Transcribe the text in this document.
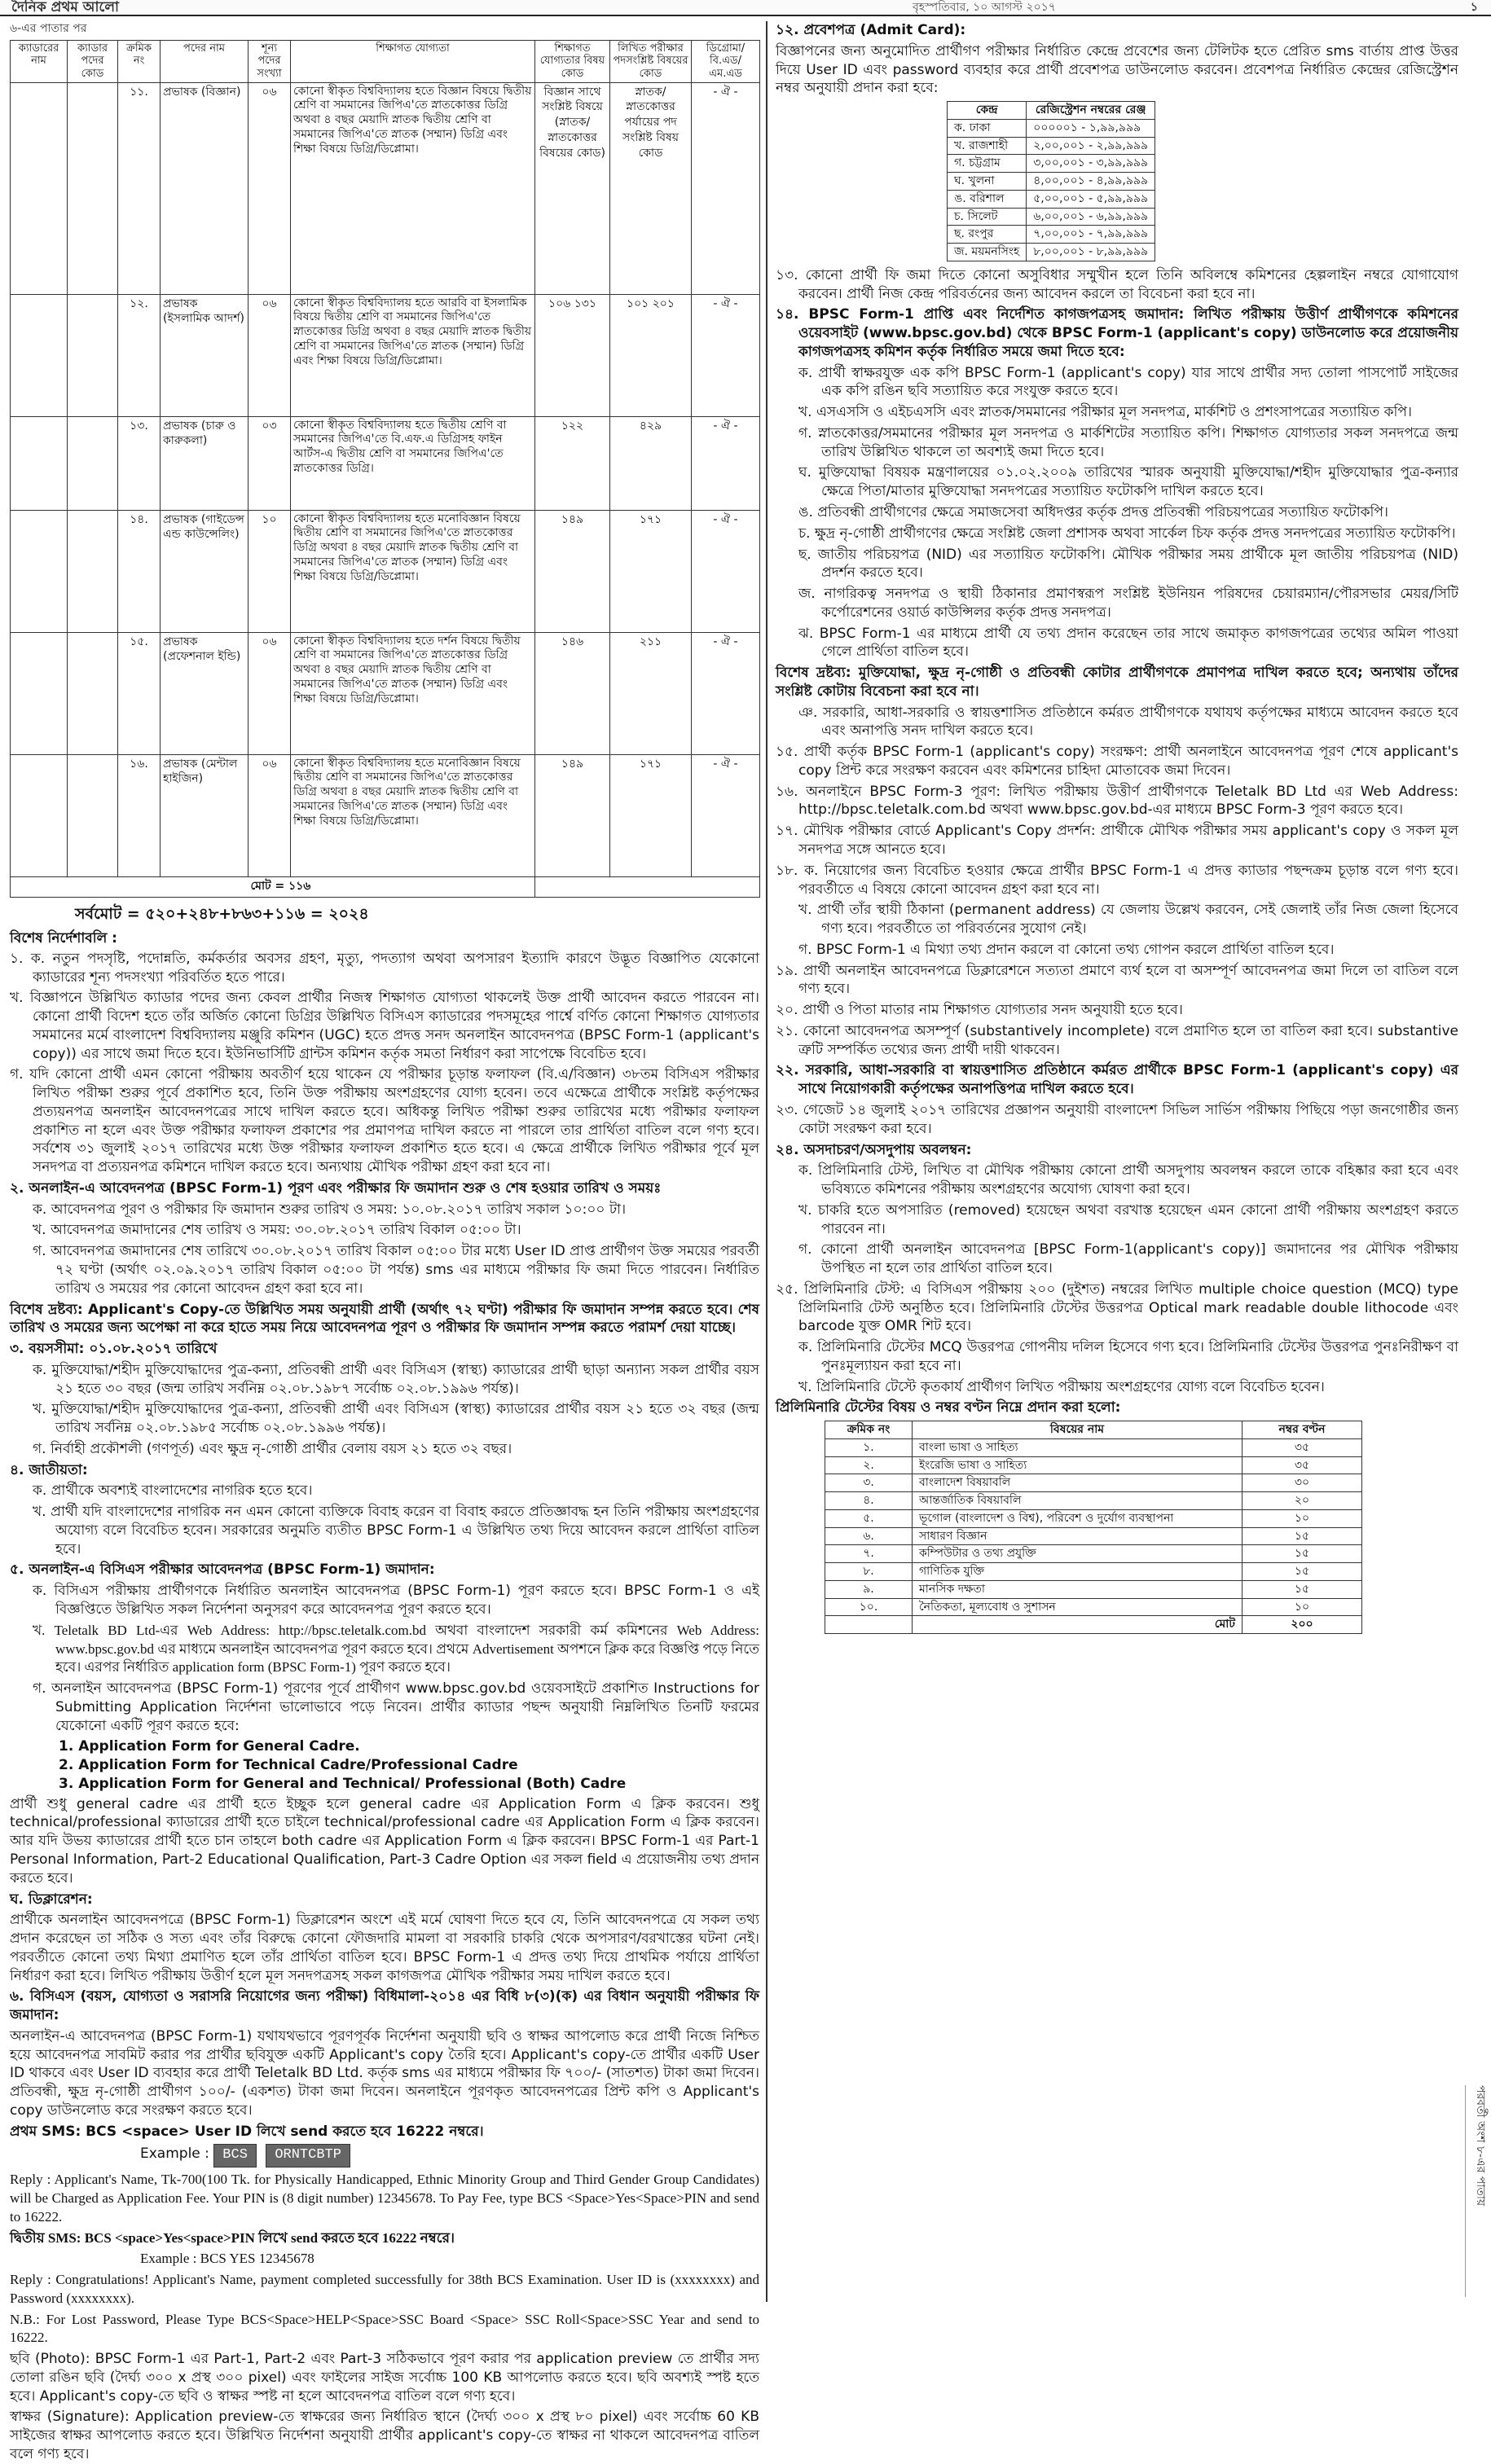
দৈনিক প্রথম আলো	বৃহস্পতিবার, ১০ আগস্ট ২০১৭	১
৬-এর পাতার পর
ক্যাডারের নাম	ক্যাডার পদের কোড	ক্রমিক নং	পদের নাম	শূন্য পদের সংখ্যা	শিক্ষাগত যোগ্যতা	শিক্ষাগত যোগ্যতার বিষয় কোড	লিখিত পরীক্ষার পদসংশ্লিষ্ট বিষয়ের কোড	ডিগ্রোমা/ বি.এড/ এম.এড
		১১.	প্রভাষক (বিজ্ঞান)	০৬	কোনো স্বীকৃত বিশ্ববিদ্যালয় হতে বিজ্ঞান বিষয়ে দ্বিতীয় শ্রেণি বা সমমানের জিপিএ'তে স্নাতকোত্তর ডিগ্রি অথবা ৪ বছর মেয়াদি স্নাতক দ্বিতীয় শ্রেণি বা সমমানের জিপিএ'তে স্নাতক (সম্মান) ডিগ্রি এবং শিক্ষা বিষয়ে ডিগ্রি/ডিপ্লোমা।	বিজ্ঞান সাথে সংশ্লিষ্ট বিষয়ে (স্নাতক/ স্নাতকোত্তর বিষয়ের কোড)	স্নাতক/ স্নাতকোত্তর পর্যায়ের পদ সংশ্লিষ্ট বিষয় কোড	- ঐ -
		১২.	প্রভাষক (ইসলামিক আদর্শ)	০৬	কোনো স্বীকৃত বিশ্ববিদ্যালয় হতে আরবি বা ইসলামিক বিষয়ে দ্বিতীয় শ্রেণি বা সমমানের জিপিএ'তে স্নাতকোত্তর ডিগ্রি অথবা ৪ বছর মেয়াদি স্নাতক দ্বিতীয় শ্রেণি বা সমমানের জিপিএ'তে স্নাতক (সম্মান) ডিগ্রি এবং শিক্ষা বিষয়ে ডিগ্রি/ডিপ্লোমা।	১০৬ ১৩১	১০১ ২০১	- ঐ -
		১৩.	প্রভাষক (চারু ও কারুকলা)	০৩	কোনো স্বীকৃত বিশ্ববিদ্যালয় হতে দ্বিতীয় শ্রেণি বা সমমানের জিপিএ'তে বি.এফ.এ ডিগ্রিসহ ফাইন আর্টস-এ দ্বিতীয় শ্রেণি বা সমমানের জিপিএ'তে স্নাতকোত্তর ডিগ্রি।	১২২	৪২৯	- ঐ -
		১৪.	প্রভাষক (গাইডেন্স এন্ড কাউন্সেলিং)	১০	কোনো স্বীকৃত বিশ্ববিদ্যালয় হতে মনোবিজ্ঞান বিষয়ে দ্বিতীয় শ্রেণি বা সমমানের জিপিএ'তে স্নাতকোত্তর ডিগ্রি অথবা ৪ বছর মেয়াদি স্নাতক দ্বিতীয় শ্রেণি বা সমমানের জিপিএ'তে স্নাতক (সম্মান) ডিগ্রি এবং শিক্ষা বিষয়ে ডিগ্রি/ডিপ্লোমা।	১৪৯	১৭১	- ঐ -
		১৫.	প্রভাষক (প্রফেশনাল ইন্ডি)	০৬	কোনো স্বীকৃত বিশ্ববিদ্যালয় হতে দর্শন বিষয়ে দ্বিতীয় শ্রেণি বা সমমানের জিপিএ'তে স্নাতকোত্তর ডিগ্রি অথবা ৪ বছর মেয়াদি স্নাতক দ্বিতীয় শ্রেণি বা সমমানের জিপিএ'তে স্নাতক (সম্মান) ডিগ্রি এবং শিক্ষা বিষয়ে ডিগ্রি/ডিপ্লোমা।	১৪৬	২১১	- ঐ -
		১৬.	প্রভাষক (মেন্টাল হাইজিন)	০৬	কোনো স্বীকৃত বিশ্ববিদ্যালয় হতে মনোবিজ্ঞান বিষয়ে দ্বিতীয় শ্রেণি বা সমমানের জিপিএ'তে স্নাতকোত্তর ডিগ্রি অথবা ৪ বছর মেয়াদি স্নাতক দ্বিতীয় শ্রেণি বা সমমানের জিপিএ'তে স্নাতক (সম্মান) ডিগ্রি এবং শিক্ষা বিষয়ে ডিগ্রি/ডিপ্লোমা।	১৪৯	১৭১	- ঐ -
				মোট = ১১৬				
সর্বমোট = ৫২০+২৪৮+৮৬৩+১১৬ = ২০২৪
বিশেষ নির্দেশাবলি :

১. ক. নতুন পদসৃষ্টি, পদোন্নতি, কর্মকর্তার অবসর গ্রহণ, মৃত্যু, পদত্যাগ অথবা অপসারণ ইত্যাদি কারণে উদ্ভূত বিজ্ঞাপিত যেকোনো ক্যাডারের শূন্য পদসংখ্যা পরিবর্তিত হতে পারে।

খ. বিজ্ঞাপনে উল্লিখিত ক্যাডার পদের জন্য কেবল প্রার্থীর নিজস্ব শিক্ষাগত যোগ্যতা থাকলেই উক্ত প্রার্থী আবেদন করতে পারবেন না। কোনো প্রার্থী বিদেশ হতে তাঁর অর্জিত কোনো ডিগ্রির উল্লিখিত বিসিএস ক্যাডারের পদসমূহের পার্শ্বে বর্ণিত কোনো শিক্ষাগত যোগ্যতার সমমানের মর্মে বাংলাদেশ বিশ্ববিদ্যালয় মঞ্জুরি কমিশন (UGC) হতে প্রদত্ত সনদ অনলাইন আবেদনপত্র (BPSC Form-1 (applicant's copy)) এর সাথে জমা দিতে হবে। ইউনিভার্সিটি গ্রান্টস কমিশন কর্তৃক সমতা নির্ধারণ করা সাপেক্ষে বিবেচিত হবে।

গ. যদি কোনো প্রার্থী এমন কোনো পরীক্ষায় অবতীর্ণ হয়ে থাকেন যে পরীক্ষার চূড়ান্ত ফলাফল (বি.এ/বিজ্ঞান) ৩৮তম বিসিএস পরীক্ষার লিখিত পরীক্ষা শুরুর পূর্বে প্রকাশিত হবে, তিনি উক্ত পরীক্ষায় অংশগ্রহণের যোগ্য হবেন। তবে এক্ষেত্রে প্রার্থীকে সংশ্লিষ্ট কর্তৃপক্ষের প্রত্যয়নপত্র অনলাইন আবেদনপত্রের সাথে দাখিল করতে হবে। অধিকন্তু লিখিত পরীক্ষা শুরুর তারিখের মধ্যে পরীক্ষার ফলাফল প্রকাশিত না হলে এবং উক্ত পরীক্ষার ফলাফল প্রকাশের পর প্রমাণপত্র দাখিল করতে না পারলে তার প্রার্থিতা বাতিল বলে গণ্য হবে। সর্বশেষ ৩১ জুলাই ২০১৭ তারিখের মধ্যে উক্ত পরীক্ষার ফলাফল প্রকাশিত হতে হবে। এ ক্ষেত্রে প্রার্থীকে লিখিত পরীক্ষার পূর্বে মূল সনদপত্র বা প্রত্যয়নপত্র কমিশনে দাখিল করতে হবে। অন্যথায় মৌখিক পরীক্ষা গ্রহণ করা হবে না।

২. অনলাইন-এ আবেদনপত্র (BPSC Form-1) পূরণ এবং পরীক্ষার ফি জমাদান শুরু ও শেষ হওয়ার তারিখ ও সময়ঃ

ক. আবেদনপত্র পূরণ ও পরীক্ষার ফি জমাদান শুরুর তারিখ ও সময়: ১০.০৮.২০১৭ তারিখ সকাল ১০:০০ টা।

খ. আবেদনপত্র জমাদানের শেষ তারিখ ও সময়: ৩০.০৮.২০১৭ তারিখ বিকাল ০৫:০০ টা।

গ. আবেদনপত্র জমাদানের শেষ তারিখে ৩০.০৮.২০১৭ তারিখ বিকাল ০৫:০০ টার মধ্যে User ID প্রাপ্ত প্রার্থীগণ উক্ত সময়ের পরবর্তী ৭২ ঘণ্টা (অর্থাৎ ০২.০৯.২০১৭ তারিখ বিকাল ০৫:০০ টা পর্যন্ত) sms এর মাধ্যমে পরীক্ষার ফি জমা দিতে পারবেন। নির্ধারিত তারিখ ও সময়ের পর কোনো আবেদন গ্রহণ করা হবে না।

বিশেষ দ্রষ্টব্য: Applicant's Copy-তে উল্লিখিত সময় অনুযায়ী প্রার্থী (অর্থাৎ ৭২ ঘণ্টা) পরীক্ষার ফি জমাদান সম্পন্ন করতে হবে। শেষ তারিখ ও সময়ের জন্য অপেক্ষা না করে হাতে সময় নিয়ে আবেদনপত্র পূরণ ও পরীক্ষার ফি জমাদান সম্পন্ন করতে পরামর্শ দেয়া যাচ্ছে।

৩. বয়সসীমা: ০১.০৮.২০১৭ তারিখে

ক. মুক্তিযোদ্ধা/শহীদ মুক্তিযোদ্ধাদের পুত্র-কন্যা, প্রতিবন্ধী প্রার্থী এবং বিসিএস (স্বাস্থ্য) ক্যাডারের প্রার্থী ছাড়া অন্যান্য সকল প্রার্থীর বয়স ২১ হতে ৩০ বছর (জন্ম তারিখ সর্বনিম্ন ০২.০৮.১৯৮৭ সর্বোচ্চ ০২.০৮.১৯৯৬ পর্যন্ত)।

খ. মুক্তিযোদ্ধা/শহীদ মুক্তিযোদ্ধাদের পুত্র-কন্যা, প্রতিবন্ধী প্রার্থী এবং বিসিএস (স্বাস্থ্য) ক্যাডারের প্রার্থীর বয়স ২১ হতে ৩২ বছর (জন্ম তারিখ সর্বনিম্ন ০২.০৮.১৯৮৫ সর্বোচ্চ ০২.০৮.১৯৯৬ পর্যন্ত)।

গ. নির্বাহী প্রকৌশলী (গণপূর্ত) এবং ক্ষুদ্র নৃ-গোষ্ঠী প্রার্থীর বেলায় বয়স ২১ হতে ৩২ বছর।

৪. জাতীয়তা:

ক. প্রার্থীকে অবশ্যই বাংলাদেশের নাগরিক হতে হবে।

খ. প্রার্থী যদি বাংলাদেশের নাগরিক নন এমন কোনো ব্যক্তিকে বিবাহ করেন বা বিবাহ করতে প্রতিজ্ঞাবদ্ধ হন তিনি পরীক্ষায় অংশগ্রহণের অযোগ্য বলে বিবেচিত হবেন। সরকারের অনুমতি ব্যতীত BPSC Form-1 এ উল্লিখিত তথ্য দিয়ে আবেদন করলে প্রার্থিতা বাতিল হবে।

৫. অনলাইন-এ বিসিএস পরীক্ষার আবেদনপত্র (BPSC Form-1) জমাদান:

ক. বিসিএস পরীক্ষায় প্রার্থীগণকে নির্ধারিত অনলাইন আবেদনপত্র (BPSC Form-1) পূরণ করতে হবে। BPSC Form-1 ও এই বিজ্ঞপ্তিতে উল্লিখিত সকল নির্দেশনা অনুসরণ করে আবেদনপত্র পূরণ করতে হবে।

খ. Teletalk BD Ltd-এর Web Address: http://bpsc.teletalk.com.bd অথবা বাংলাদেশ সরকারী কর্ম কমিশনের Web Address: www.bpsc.gov.bd এর মাধ্যমে অনলাইন আবেদনপত্র পূরণ করতে হবে। প্রথমে Advertisement অপশনে ক্লিক করে বিজ্ঞপ্তি পড়ে নিতে হবে। এরপর নির্ধারিত application form (BPSC Form-1) পূরণ করতে হবে।

গ. অনলাইন আবেদনপত্র (BPSC Form-1) পূরণের পূর্বে প্রার্থীগণ www.bpsc.gov.bd ওয়েবসাইটে প্রকাশিত Instructions for Submitting Application নির্দেশনা ভালোভাবে পড়ে নিবেন। প্রার্থীর ক্যাডার পছন্দ অনুযায়ী নিম্নলিখিত তিনটি ফরমের যেকোনো একটি পূরণ করতে হবে:

1. Application Form for General Cadre.
2. Application Form for Technical Cadre/Professional Cadre
3. Application Form for General and Technical/ Professional (Both) Cadre

প্রার্থী শুধু general cadre এর প্রার্থী হতে ইচ্ছুক হলে general cadre এর Application Form এ ক্লিক করবেন। শুধু technical/professional ক্যাডারের প্রার্থী হতে চাইলে technical/professional cadre এর Application Form এ ক্লিক করবেন। আর যদি উভয় ক্যাডারের প্রার্থী হতে চান তাহলে both cadre এর Application Form এ ক্লিক করবেন। BPSC Form-1 এর Part-1 Personal Information, Part-2 Educational Qualification, Part-3 Cadre Option এর সকল field এ প্রয়োজনীয় তথ্য প্রদান করতে হবে।

ঘ. ডিক্লারেশন:

প্রার্থীকে অনলাইন আবেদনপত্রে (BPSC Form-1) ডিক্লারেশন অংশে এই মর্মে ঘোষণা দিতে হবে যে, তিনি আবেদনপত্রে যে সকল তথ্য প্রদান করেছেন তা সঠিক ও সত্য এবং তাঁর বিরুদ্ধে কোনো ফৌজদারি মামলা বা সরকারি চাকরি থেকে অপসারণ/বরখাস্তের ঘটনা নেই। পরবর্তীতে কোনো তথ্য মিথ্যা প্রমাণিত হলে তাঁর প্রার্থিতা বাতিল হবে। BPSC Form-1 এ প্রদত্ত তথ্য দিয়ে প্রাথমিক পর্যায়ে প্রার্থিতা নির্ধারণ করা হবে। লিখিত পরীক্ষায় উত্তীর্ণ হলে মূল সনদপত্রসহ সকল কাগজপত্র মৌখিক পরীক্ষার সময় দাখিল করতে হবে।

৬. বিসিএস (বয়স, যোগ্যতা ও সরাসরি নিয়োগের জন্য পরীক্ষা) বিধিমালা-২০১৪ এর বিধি ৮(৩)(ক) এর বিধান অনুযায়ী পরীক্ষার ফি জমাদান:

অনলাইন-এ আবেদনপত্র (BPSC Form-1) যথাযথভাবে পূরণপূর্বক নির্দেশনা অনুযায়ী ছবি ও স্বাক্ষর আপলোড করে প্রার্থী নিজে নিশ্চিত হয়ে আবেদনপত্র সাবমিট করার পর প্রার্থীর ছবিযুক্ত একটি Applicant's copy তৈরি হবে। Applicant's copy-তে প্রার্থীর একটি User ID থাকবে এবং User ID ব্যবহার করে প্রার্থী Teletalk BD Ltd. কর্তৃক sms এর মাধ্যমে পরীক্ষার ফি ৭০০/- (সাতশত) টাকা জমা দিবেন। প্রতিবন্ধী, ক্ষুদ্র নৃ-গোষ্ঠী প্রার্থীগণ ১০০/- (একশত) টাকা জমা দিবেন। অনলাইনে পূরণকৃত আবেদনপত্রের প্রিন্ট কপি ও Applicant's copy ডাউনলোড করে সংরক্ষণ করতে হবে।

প্রথম SMS: BCS <space> User ID লিখে send করতে হবে 16222 নম্বরে।

Example : BCS ORNTCBTP

Reply : Applicant's Name, Tk-700(100 Tk. for Physically Handicapped, Ethnic Minority Group and Third Gender Group Candidates) will be Charged as Application Fee. Your PIN is (8 digit number) 12345678. To Pay Fee, type BCS <Space>Yes<Space>PIN and send to 16222.

দ্বিতীয় SMS: BCS <space>Yes<space>PIN লিখে send করতে হবে 16222 নম্বরে।

Example : BCS YES 12345678

Reply : Congratulations! Applicant's Name, payment completed successfully for 38th BCS Examination. User ID is (xxxxxxxx) and Password (xxxxxxxx).

N.B.: For Lost Password, Please Type BCS<Space>HELP<Space>SSC Board <Space> SSC Roll<Space>SSC Year and send to 16222.

ছবি (Photo): BPSC Form-1 এর Part-1, Part-2 এবং Part-3 সঠিকভাবে পূরণ করার পর application preview তে প্রার্থীর সদ্য তোলা রঙিন ছবি (দৈর্ঘ্য ৩০০ x প্রস্থ ৩০০ pixel) এবং ফাইলের সাইজ সর্বোচ্চ 100 KB আপলোড করতে হবে। ছবি অবশ্যই স্পষ্ট হতে হবে। Applicant's copy-তে ছবি ও স্বাক্ষর স্পষ্ট না হলে আবেদনপত্র বাতিল বলে গণ্য হবে।

স্বাক্ষর (Signature): Application preview-তে স্বাক্ষরের জন্য নির্ধারিত স্থানে (দৈর্ঘ্য ৩০০ x প্রস্থ ৮০ pixel) এবং সর্বোচ্চ 60 KB সাইজের স্বাক্ষর আপলোড করতে হবে। উল্লিখিত নির্দেশনা অনুযায়ী প্রার্থীর applicant's copy-তে স্বাক্ষর না থাকলে আবেদনপত্র বাতিল বলে গণ্য হবে।

১২. প্রবেশপত্র (Admit Card):

বিজ্ঞাপনের জন্য অনুমোদিত প্রার্থীগণ পরীক্ষার নির্ধারিত কেন্দ্রে প্রবেশের জন্য টেলিটক হতে প্রেরিত sms বার্তায় প্রাপ্ত উত্তর দিয়ে User ID এবং password ব্যবহার করে প্রার্থী প্রবেশপত্র ডাউনলোড করবেন। প্রবেশপত্র নির্ধারিত কেন্দ্রের রেজিস্ট্রেশন নম্বর অনুযায়ী প্রদান করা হবে:

কেন্দ্র	রেজিস্ট্রেশন নম্বরের রেঞ্জ
ক. ঢাকা	০০০০০১ - ১,৯৯,৯৯৯
খ. রাজশাহী	২,০০,০০১ - ২,৯৯,৯৯৯
গ. চট্টগ্রাম	৩,০০,০০১ - ৩,৯৯,৯৯৯
ঘ. খুলনা	৪,০০,০০১ - ৪,৯৯,৯৯৯
ঙ. বরিশাল	৫,০০,০০১ - ৫,৯৯,৯৯৯
চ. সিলেট	৬,০০,০০১ - ৬,৯৯,৯৯৯
ছ. রংপুর	৭,০০,০০১ - ৭,৯৯,৯৯৯
জ. ময়মনসিংহ	৮,০০,০০১ - ৮,৯৯,৯৯৯

১৩. কোনো প্রার্থী ফি জমা দিতে কোনো অসুবিধার সম্মুখীন হলে তিনি অবিলম্বে কমিশনের হেল্পলাইন নম্বরে যোগাযোগ করবেন। প্রার্থী নিজ কেন্দ্র পরিবর্তনের জন্য আবেদন করলে তা বিবেচনা করা হবে না।

১৪. BPSC Form-1 প্রাপ্তি এবং নির্দেশিত কাগজপত্রসহ জমাদান: লিখিত পরীক্ষায় উত্তীর্ণ প্রার্থীগণকে কমিশনের ওয়েবসাইট (www.bpsc.gov.bd) থেকে BPSC Form-1 (applicant's copy) ডাউনলোড করে প্রয়োজনীয় কাগজপত্রসহ কমিশন কর্তৃক নির্ধারিত সময়ে জমা দিতে হবে:

ক. প্রার্থী স্বাক্ষরযুক্ত এক কপি BPSC Form-1 (applicant's copy) যার সাথে প্রার্থীর সদ্য তোলা পাসপোর্ট সাইজের এক কপি রঙিন ছবি সত্যায়িত করে সংযুক্ত করতে হবে।

খ. এসএসসি ও এইচএসসি এবং স্নাতক/সমমানের পরীক্ষার মূল সনদপত্র, মার্কশিট ও প্রশংসাপত্রের সত্যায়িত কপি।

গ. স্নাতকোত্তর/সমমানের পরীক্ষার মূল সনদপত্র ও মার্কশিটের সত্যায়িত কপি। শিক্ষাগত যোগ্যতার সকল সনদপত্রে জন্ম তারিখ উল্লিখিত থাকলে তা অবশ্যই জমা দিতে হবে।

ঘ. মুক্তিযোদ্ধা বিষয়ক মন্ত্রণালয়ের ০১.০২.২০০৯ তারিখের স্মারক অনুযায়ী মুক্তিযোদ্ধা/শহীদ মুক্তিযোদ্ধার পুত্র-কন্যার ক্ষেত্রে পিতা/মাতার মুক্তিযোদ্ধা সনদপত্রের সত্যায়িত ফটোকপি দাখিল করতে হবে।

ঙ. প্রতিবন্ধী প্রার্থীগণের ক্ষেত্রে সমাজসেবা অধিদপ্তর কর্তৃক প্রদত্ত প্রতিবন্ধী পরিচয়পত্রের সত্যায়িত ফটোকপি।

চ. ক্ষুদ্র নৃ-গোষ্ঠী প্রার্থীগণের ক্ষেত্রে সংশ্লিষ্ট জেলা প্রশাসক অথবা সার্কেল চিফ কর্তৃক প্রদত্ত সনদপত্রের সত্যায়িত ফটোকপি।

ছ. জাতীয় পরিচয়পত্র (NID) এর সত্যায়িত ফটোকপি। মৌখিক পরীক্ষার সময় প্রার্থীকে মূল জাতীয় পরিচয়পত্র (NID) প্রদর্শন করতে হবে।

জ. নাগরিকত্ব সনদপত্র ও স্থায়ী ঠিকানার প্রমাণস্বরূপ সংশ্লিষ্ট ইউনিয়ন পরিষদের চেয়ারম্যান/পৌরসভার মেয়র/সিটি কর্পোরেশনের ওয়ার্ড কাউন্সিলর কর্তৃক প্রদত্ত সনদপত্র।

ঝ. BPSC Form-1 এর মাধ্যমে প্রার্থী যে তথ্য প্রদান করেছেন তার সাথে জমাকৃত কাগজপত্রের তথ্যের অমিল পাওয়া গেলে প্রার্থিতা বাতিল হবে।

বিশেষ দ্রষ্টব্য: মুক্তিযোদ্ধা, ক্ষুদ্র নৃ-গোষ্ঠী ও প্রতিবন্ধী কোটার প্রার্থীগণকে প্রমাণপত্র দাখিল করতে হবে; অন্যথায় তাঁদের সংশ্লিষ্ট কোটায় বিবেচনা করা হবে না।

ঞ. সরকারি, আধা-সরকারি ও স্বায়ত্তশাসিত প্রতিষ্ঠানে কর্মরত প্রার্থীগণকে যথাযথ কর্তৃপক্ষের মাধ্যমে আবেদন করতে হবে এবং অনাপত্তি সনদ দাখিল করতে হবে।

১৫. প্রার্থী কর্তৃক BPSC Form-1 (applicant's copy) সংরক্ষণ: প্রার্থী অনলাইনে আবেদনপত্র পূরণ শেষে applicant's copy প্রিন্ট করে সংরক্ষণ করবেন এবং কমিশনের চাহিদা মোতাবেক জমা দিবেন।

১৬. অনলাইনে BPSC Form-3 পূরণ: লিখিত পরীক্ষায় উত্তীর্ণ প্রার্থীগণকে Teletalk BD Ltd এর Web Address: http://bpsc.teletalk.com.bd অথবা www.bpsc.gov.bd-এর মাধ্যমে BPSC Form-3 পূরণ করতে হবে।

১৭. মৌখিক পরীক্ষার বোর্ডে Applicant's Copy প্রদর্শন: প্রার্থীকে মৌখিক পরীক্ষার সময় applicant's copy ও সকল মূল সনদপত্র সঙ্গে আনতে হবে।

১৮. ক. নিয়োগের জন্য বিবেচিত হওয়ার ক্ষেত্রে প্রার্থীর BPSC Form-1 এ প্রদত্ত ক্যাডার পছন্দক্রম চূড়ান্ত বলে গণ্য হবে। পরবর্তীতে এ বিষয়ে কোনো আবেদন গ্রহণ করা হবে না।

খ. প্রার্থী তাঁর স্থায়ী ঠিকানা (permanent address) যে জেলায় উল্লেখ করবেন, সেই জেলাই তাঁর নিজ জেলা হিসেবে গণ্য হবে। পরবর্তীতে তা পরিবর্তনের সুযোগ নেই।

গ. BPSC Form-1 এ মিথ্যা তথ্য প্রদান করলে বা কোনো তথ্য গোপন করলে প্রার্থিতা বাতিল হবে।

১৯. প্রার্থী অনলাইন আবেদনপত্রে ডিক্লারেশনে সত্যতা প্রমাণে ব্যর্থ হলে বা অসম্পূর্ণ আবেদনপত্র জমা দিলে তা বাতিল বলে গণ্য হবে।

২০. প্রার্থী ও পিতা মাতার নাম শিক্ষাগত যোগ্যতার সনদ অনুযায়ী হতে হবে।

২১. কোনো আবেদনপত্র অসম্পূর্ণ (substantively incomplete) বলে প্রমাণিত হলে তা বাতিল করা হবে। substantive ত্রুটি সম্পর্কিত তথ্যের জন্য প্রার্থী দায়ী থাকবেন।

২২. সরকারি, আধা-সরকারি বা স্বায়ত্তশাসিত প্রতিষ্ঠানে কর্মরত প্রার্থীকে BPSC Form-1 (applicant's copy) এর সাথে নিয়োগকারী কর্তৃপক্ষের অনাপত্তিপত্র দাখিল করতে হবে।

২৩. গেজেট ১৪ জুলাই ২০১৭ তারিখের প্রজ্ঞাপন অনুযায়ী বাংলাদেশ সিভিল সার্ভিস পরীক্ষায় পিছিয়ে পড়া জনগোষ্ঠীর জন্য কোটা সংরক্ষণ করা হবে।

২৪. অসদাচরণ/অসদুপায় অবলম্বন:

ক. প্রিলিমিনারি টেস্ট, লিখিত বা মৌখিক পরীক্ষায় কোনো প্রার্থী অসদুপায় অবলম্বন করলে তাকে বহিষ্কার করা হবে এবং ভবিষ্যতে কমিশনের পরীক্ষায় অংশগ্রহণের অযোগ্য ঘোষণা করা হবে।

খ. চাকরি হতে অপসারিত (removed) হয়েছেন অথবা বরখাস্ত হয়েছেন এমন কোনো প্রার্থী পরীক্ষায় অংশগ্রহণ করতে পারবেন না।

গ. কোনো প্রার্থী অনলাইন আবেদনপত্র [BPSC Form-1(applicant's copy)] জমাদানের পর মৌখিক পরীক্ষায় উপস্থিত না হলে তার প্রার্থিতা বাতিল হবে।

২৫. প্রিলিমিনারি টেস্ট: এ বিসিএস পরীক্ষায় ২০০ (দুইশত) নম্বরের লিখিত multiple choice question (MCQ) type প্রিলিমিনারি টেস্ট অনুষ্ঠিত হবে। প্রিলিমিনারি টেস্টের উত্তরপত্র Optical mark readable double lithocode এবং barcode যুক্ত OMR শিট হবে।

ক. প্রিলিমিনারি টেস্টের MCQ উত্তরপত্র গোপনীয় দলিল হিসেবে গণ্য হবে। প্রিলিমিনারি টেস্টের উত্তরপত্র পুনঃনিরীক্ষণ বা পুনঃমূল্যায়ন করা হবে না।

খ. প্রিলিমিনারি টেস্টে কৃতকার্য প্রার্থীগণ লিখিত পরীক্ষায় অংশগ্রহণের যোগ্য বলে বিবেচিত হবেন।

প্রিলিমিনারি টেস্টের বিষয় ও নম্বর বণ্টন নিম্নে প্রদান করা হলো:

ক্রমিক নং	বিষয়ের নাম	নম্বর বণ্টন
১.	বাংলা ভাষা ও সাহিত্য	৩৫
২.	ইংরেজি ভাষা ও সাহিত্য	৩৫
৩.	বাংলাদেশ বিষয়াবলি	৩০
৪.	আন্তর্জাতিক বিষয়াবলি	২০
৫.	ভূগোল (বাংলাদেশ ও বিশ্ব), পরিবেশ ও দুর্যোগ ব্যবস্থাপনা	১০
৬.	সাধারণ বিজ্ঞান	১৫
৭.	কম্পিউটার ও তথ্য প্রযুক্তি	১৫
৮.	গাণিতিক যুক্তি	১৫
৯.	মানসিক দক্ষতা	১৫
১০.	নৈতিকতা, মূল্যবোধ ও সুশাসন	১০
	মোট	২০০
পরবর্তী অংশ ৮-এর পাতায়
